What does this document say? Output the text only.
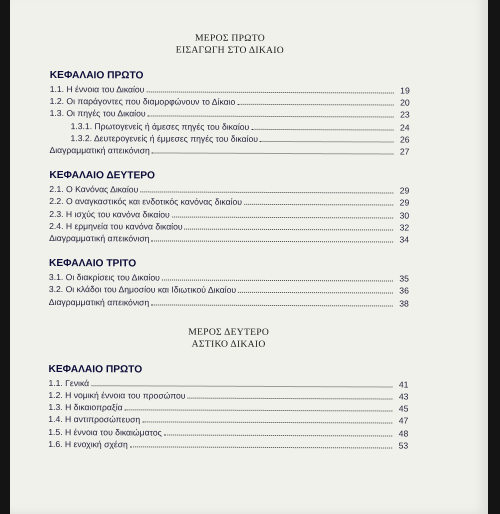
ΜΕΡΟΣ ΠΡΩΤΟ
ΕΙΣΑΓΩΓΗ ΣΤΟ ΔΙΚΑΙΟ
ΚΕΦΑΛΑΙΟ ΠΡΩΤΟ
1.1. Η έννοια του Δικαίου	19
1.2. Οι παράγοντες που διαμορφώνουν το Δίκαιο	20
1.3. Οι πηγές του Δικαίου	23
1.3.1. Πρωτογενείς ή άμεσες πηγές του δικαίου	24
1.3.2. Δευτερογενείς ή έμμεσες πηγές του δικαίου	26
Διαγραμματική απεικόνιση	27
ΚΕΦΑΛΑΙΟ ΔΕΥΤΕΡΟ
2.1. Ο Κανόνας Δικαίου	29
2.2. Ο αναγκαστικός και ενδοτικός κανόνας δικαίου	29
2.3. Η ισχύς του κανόνα δικαίου	30
2.4. Η ερμηνεία του κανόνα δικαίου	32
Διαγραμματική απεικόνιση	34
ΚΕΦΑΛΑΙΟ ΤΡΙΤΟ
3.1. Οι διακρίσεις του Δικαίου	35
3.2. Οι κλάδοι του Δημοσίου και Ιδιωτικού Δικαίου	36
Διαγραμματική απεικόνιση	38
ΜΕΡΟΣ ΔΕΥΤΕΡΟ
ΑΣΤΙΚΟ ΔΙΚΑΙΟ
ΚΕΦΑΛΑΙΟ ΠΡΩΤΟ
1.1. Γενικά	41
1.2. Η νομική έννοια του προσώπου	43
1.3. Η δικαιοπραξία	45
1.4. Η αντιπροσώπευση	47
1.5. Η έννοια του δικαιώματος	48
1.6. Η ενοχική σχέση	53
